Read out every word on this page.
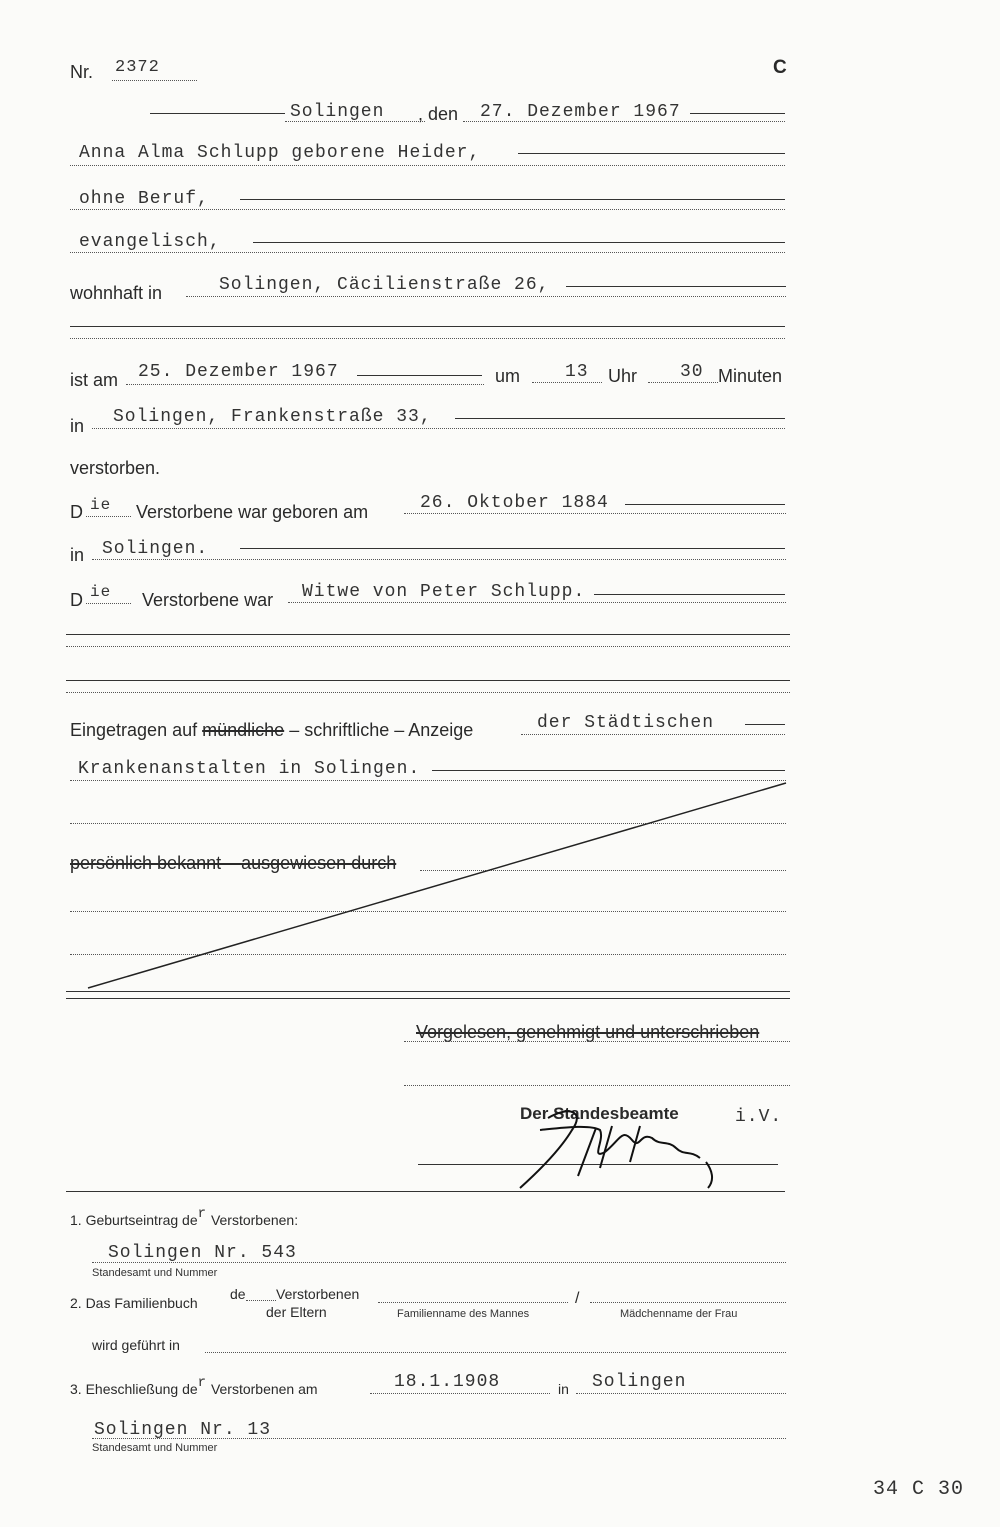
Nr. 2372	C
Solingen , den 27. Dezember 1967
Anna Alma Schlupp geborene Heider,
ohne Beruf,
evangelisch,
wohnhaft in	Solingen, Cäcilienstraße 26,
ist am 25. Dezember 1967	um 13 Uhr 30 Minuten
in Solingen, Frankenstraße 33,
verstorben.
D ie Verstorbene war geboren am	26. Oktober 1884
in Solingen.
D ie Verstorbene war Witwe von Peter Schlupp.
Eingetragen auf mündliche – schriftliche – Anzeige	der Städtischen
Krankenanstalten in Solingen.
persönlich bekannt – ausgewiesen durch
Vorgelesen, genehmigt und unterschrieben
Der Standesbeamte	i.V.
1. Geburtseintrag der Verstorbenen:
Solingen Nr. 543
Standesamt und Nummer
2. Das Familienbuch
de Verstorbenen
der Eltern
/
Familienname des Mannes	Mädchenname der Frau
wird geführt in
3. Eheschließung der Verstorbenen am	18.1.1908	in Solingen
Solingen Nr. 13
Standesamt und Nummer
34 C 30
